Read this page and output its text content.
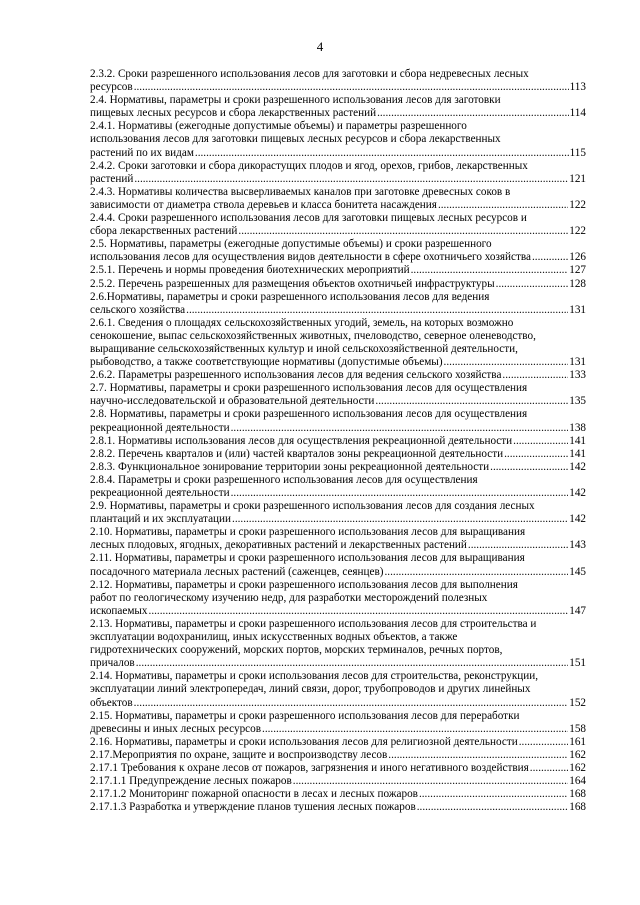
4
2.3.2. Сроки разрешенного использования лесов для заготовки и сбора недревесных лесных
ресурсов .....	113
2.4. Нормативы, параметры и сроки разрешенного использования лесов для заготовки
пищевых лесных ресурсов и сбора лекарственных растений .....	114
2.4.1. Нормативы (ежегодные допустимые объемы) и параметры разрешенного
использования лесов для заготовки пищевых лесных ресурсов и сбора лекарственных
растений по их видам .....	115
2.4.2. Сроки заготовки и сбора дикорастущих плодов и ягод, орехов, грибов, лекарственных
растений .....	121
2.4.3. Нормативы количества высверливаемых каналов при заготовке древесных соков в
зависимости от диаметра ствола деревьев и класса бонитета насаждения .....	122
2.4.4. Сроки разрешенного использования лесов для заготовки пищевых лесных ресурсов и
сбора лекарственных растений .....	122
2.5. Нормативы, параметры (ежегодные допустимые объемы) и сроки разрешенного
использования лесов для осуществления видов деятельности в сфере охотничьего хозяйства .....	126
2.5.1. Перечень и нормы проведения биотехнических мероприятий .....	127
2.5.2. Перечень разрешенных для размещения объектов охотничьей инфраструктуры .....	128
2.6.Нормативы, параметры и сроки разрешенного использования лесов для ведения
сельского хозяйства .....	131
2.6.1. Сведения о площадях сельскохозяйственных угодий, земель, на которых возможно
сенокошение, выпас сельскохозяйственных животных, пчеловодство, северное оленеводство,
выращивание сельскохозяйственных культур и иной сельскохозяйственной деятельности,
рыбоводство, а также соответствующие нормативы (допустимые объемы) .....	131
2.6.2. Параметры разрешенного использования лесов для ведения сельского хозяйства .....	133
2.7. Нормативы, параметры и сроки разрешенного использования лесов для осуществления
научно-исследовательской и образовательной деятельности .....	135
2.8. Нормативы, параметры и сроки разрешенного использования лесов для осуществления
рекреационной деятельности .....	138
2.8.1. Нормативы использования лесов для осуществления рекреационной деятельности .....	141
2.8.2. Перечень кварталов и (или) частей кварталов зоны рекреационной деятельности .....	141
2.8.3. Функциональное зонирование территории зоны рекреационной деятельности .....	142
2.8.4. Параметры и сроки разрешенного использования лесов для осуществления
рекреационной деятельности .....	142
2.9. Нормативы, параметры и сроки разрешенного использования лесов для создания лесных
плантаций и их эксплуатации .....	142
2.10. Нормативы, параметры и сроки разрешенного использования лесов для выращивания
лесных плодовых, ягодных, декоративных растений и лекарственных растений .....	143
2.11. Нормативы, параметры и сроки разрешенного использования лесов для выращивания
посадочного материала лесных растений (саженцев, сеянцев) .....	145
2.12. Нормативы, параметры и сроки разрешенного использования лесов для выполнения
работ по геологическому изучению недр, для разработки месторождений полезных
ископаемых .....	147
2.13. Нормативы, параметры и сроки разрешенного использования лесов для строительства и
эксплуатации водохранилищ, иных искусственных водных объектов, а также
гидротехнических сооружений, морских портов, морских терминалов, речных портов,
причалов .....	151
2.14. Нормативы, параметры и сроки использования лесов для строительства, реконструкции,
эксплуатации линий электропередач, линий связи, дорог, трубопроводов и других линейных
объектов .....	152
2.15. Нормативы, параметры и сроки разрешенного использования лесов для переработки
древесины и иных лесных ресурсов .....	158
2.16. Нормативы, параметры и сроки использования лесов для религиозной деятельности .....	161
2.17.Мероприятия по охране, защите и воспроизводству лесов .....	162
2.17.1 Требования к охране лесов от пожаров, загрязнения и иного негативного воздействия .....	162
2.17.1.1 Предупреждение лесных пожаров .....	164
2.17.1.2 Мониторинг пожарной опасности в лесах и лесных пожаров .....	168
2.17.1.3 Разработка и утверждение планов тушения лесных пожаров .....	168
